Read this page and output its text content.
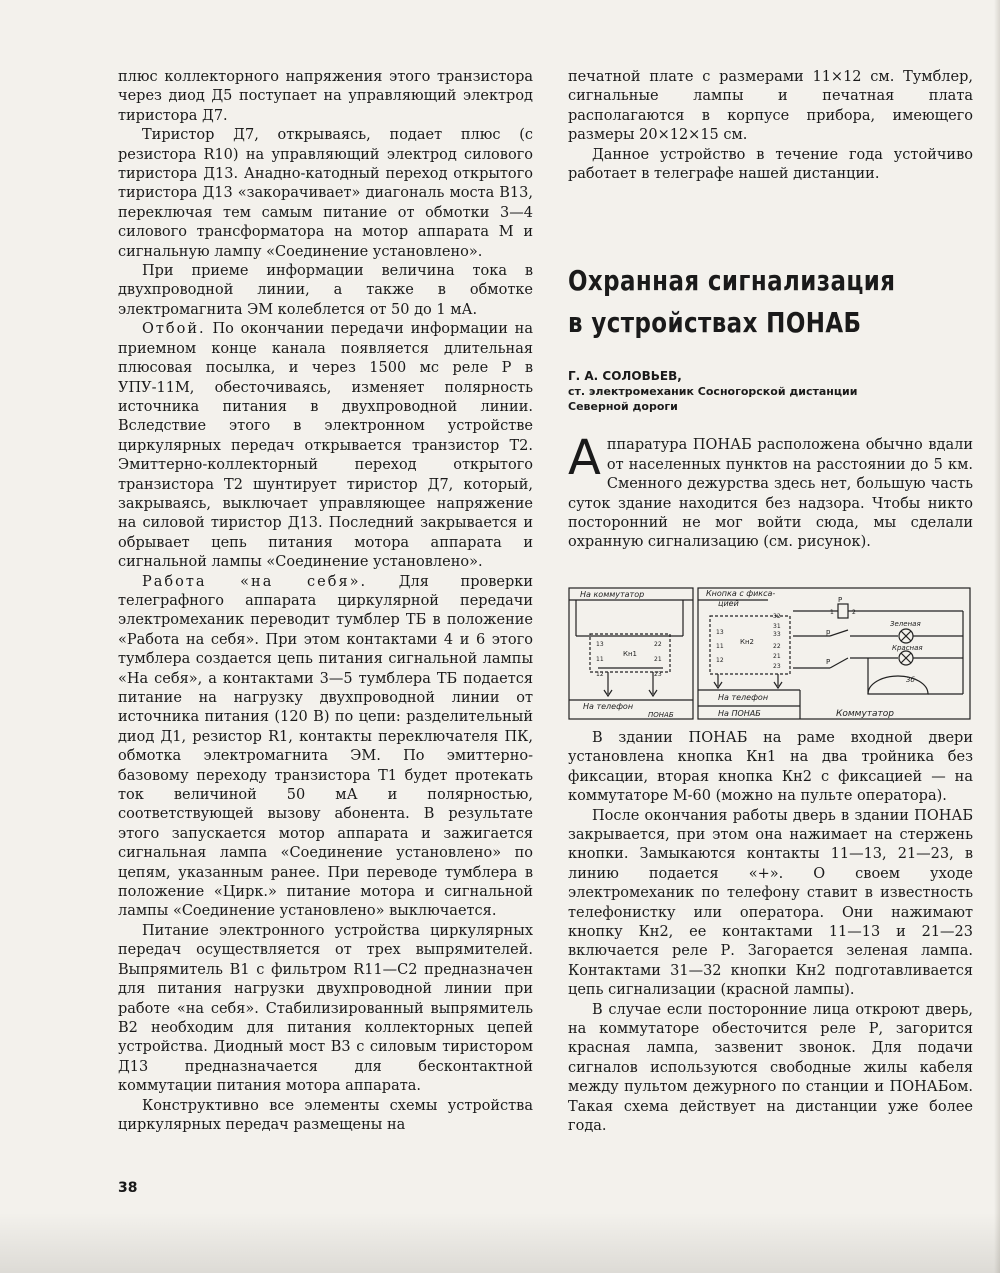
плюс коллекторного напряжения этого транзистора через диод Д5 поступает на управляющий электрод тиристора Д7.

Тиристор Д7, открываясь, подает плюс (с резистора R10) на управляющий электрод силового тиристора Д13. Анадно-катодный переход открытого тиристора Д13 «закорачивает» диагональ моста В13, переключая тем самым питание от обмотки 3—4 силового трансформатора на мотор аппарата М и сигнальную лампу «Соединение установлено».

При приеме информации величина тока в двухпроводной линии, а также в обмотке электромагнита ЭМ колеблется от 50 до 1 мА.

Отбой. По окончании передачи информации на приемном конце канала появляется длительная плюсовая посылка, и через 1500 мс реле Р в УПУ-11М, обесточиваясь, изменяет полярность источника питания в двухпроводной линии. Вследствие этого в электронном устройстве циркулярных передач открывается транзистор Т2. Эмиттерно-коллекторный переход открытого транзистора Т2 шунтирует тиристор Д7, который, закрываясь, выключает управляющее напряжение на силовой тиристор Д13. Последний закрывается и обрывает цепь питания мотора аппарата и сигнальной лампы «Соединение установлено».

Работа «на себя». Для проверки телеграфного аппарата циркулярной передачи электромеханик переводит тумблер ТБ в положение «Работа на себя». При этом контактами 4 и 6 этого тумблера создается цепь питания сигнальной лампы «На себя», а контактами 3—5 тумблера ТБ подается питание на нагрузку двухпроводной линии от источника питания (120 В) по цепи: разделительный диод Д1, резистор R1, контакты переключателя ПК, обмотка электромагнита ЭМ. По эмиттерно-базовому переходу транзистора Т1 будет протекать ток величиной 50 мА и полярностью, соответствующей вызову абонента. В результате этого запускается мотор аппарата и зажигается сигнальная лампа «Соединение установлено» по цепям, указанным ранее. При переводе тумблера в положение «Цирк.» питание мотора и сигнальной лампы «Соединение установлено» выключается.

Питание электронного устройства циркулярных передач осуществляется от трех выпрямителей. Выпрямитель В1 с фильтром R11—С2 предназначен для питания нагрузки двухпроводной линии при работе «на себя». Стабилизированный выпрямитель В2 необходим для питания коллекторных цепей устройства. Диодный мост В3 с силовым тиристором Д13 предназначается для бесконтактной коммутации питания мотора аппарата.

Конструктивно все элементы схемы устройства циркулярных передач размещены на

печатной плате с размерами 11×12 см. Тумблер, сигнальные лампы и печатная плата располагаются в корпусе прибора, имеющего размеры 20×12×15 см.

Данное устройство в течение года устойчиво работает в телеграфе нашей дистанции.

Охранная сигнализация
в устройствах ПОНАБ
Г. А. СОЛОВЬЕВ,
ст. электромеханик Сосногорской дистанции
Северной дороги

Аппаратура ПОНАБ расположена обычно вдали от населенных пунктов на расстоянии до 5 км. Сменного дежурства здесь нет, большую часть суток здание находится без надзора. Чтобы никто посторонний не мог войти сюда, мы сделали охранную сигнализацию (см. рисунок).

В здании ПОНАБ на раме входной двери установлена кнопка Кн1 на два тройника без фиксации, вторая кнопка Кн2 с фиксацией — на коммутаторе М-60 (можно на пульте оператора).

После окончания работы дверь в здании ПОНАБ закрывается, при этом она нажимает на стержень кнопки. Замыкаются контакты 11—13, 21—23, в линию подается «+». О своем уходе электромеханик по телефону ставит в известность телефонистку или оператора. Они нажимают кнопку Кн2, ее контактами 11—13 и 21—23 включается реле Р. Загорается зеленая лампа. Контактами 31—32 кнопки Кн2 подготавливается цепь сигнализации (красной лампы).

В случае если посторонние лица откроют дверь, на коммутаторе обесточится реле Р, загорится красная лампа, зазвенит звонок. Для подачи сигналов используются свободные жилы кабеля между пультом дежурного по станции и ПОНАБом. Такая схема действует на дистанции уже более года.

На коммутатор
Кн1
13	22
11	21
12	23
На телефон
ПОНАБ
Кнопка с фикса-
цией
Кн2
32
31
33
13
11
12
22
21
23
На телефон
На ПОНАБ	Коммутатор
Р
1	2
р
Зеленая
Р
Красная
3б
38
